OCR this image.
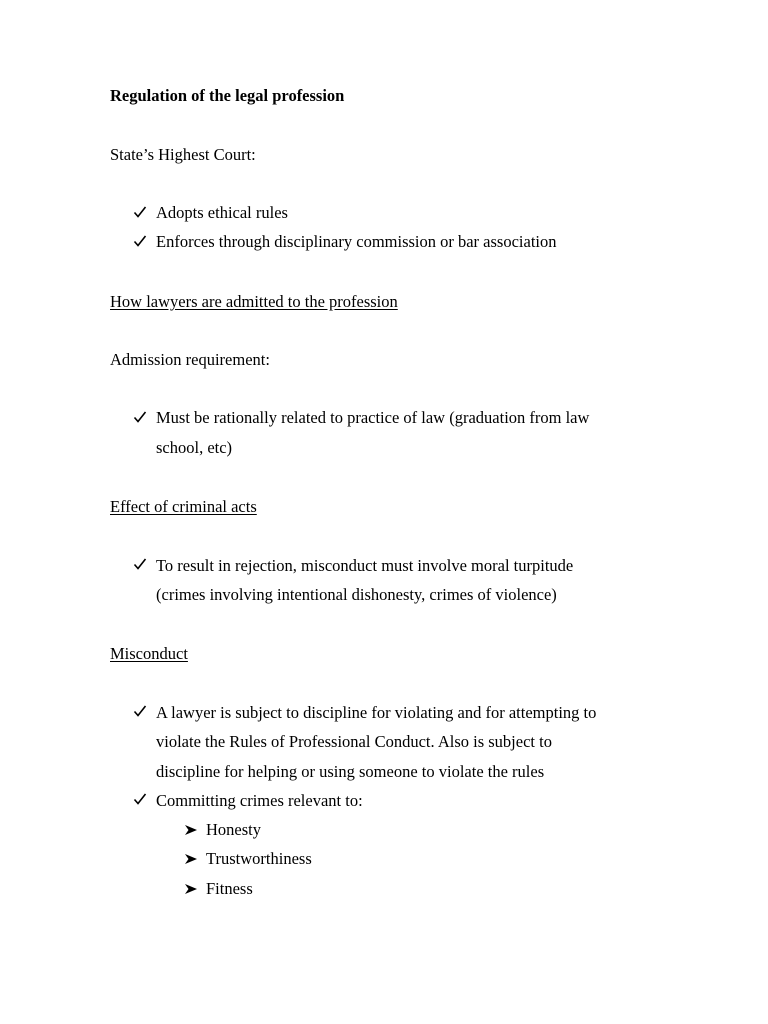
Regulation of the legal profession
State’s Highest Court:
Adopts ethical rules
Enforces through disciplinary commission or bar association
How lawyers are admitted to the profession
Admission requirement:
Must be rationally related to practice of law (graduation from law
school, etc)
Effect of criminal acts
To result in rejection, misconduct must involve moral turpitude
(crimes involving intentional dishonesty, crimes of violence)
Misconduct
A lawyer is subject to discipline for violating and for attempting to
violate the Rules of Professional Conduct. Also is subject to
discipline for helping or using someone to violate the rules
Committing crimes relevant to:
Honesty
Trustworthiness
Fitness
